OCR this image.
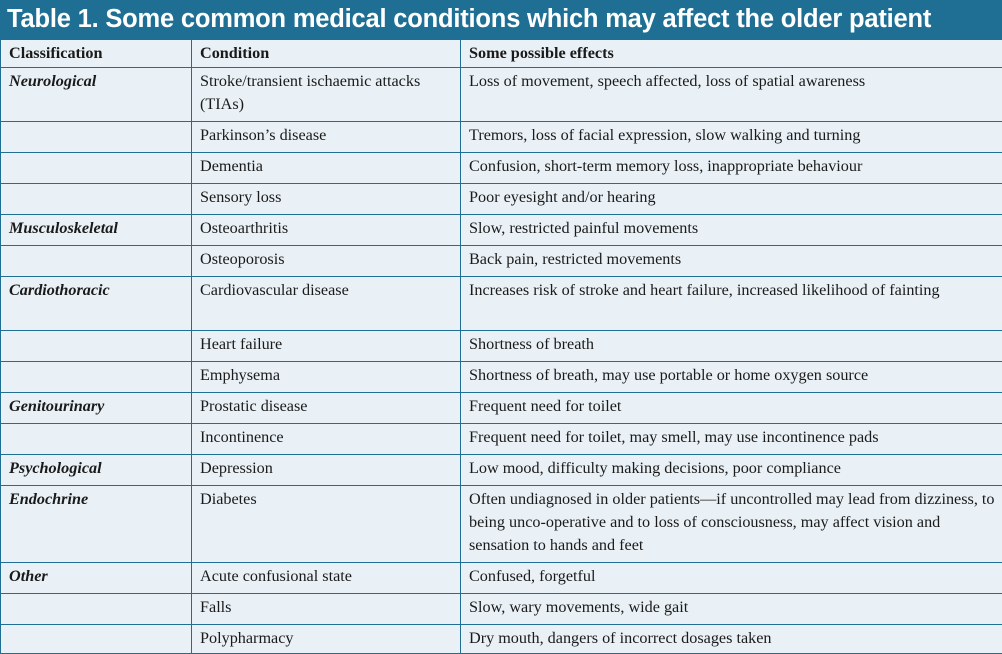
Table 1. Some common medical conditions which may affect the older patient
Classification	Condition	Some possible effects
Neurological	Stroke/transient ischaemic attacks (TIAs)	Loss of movement, speech affected, loss of spatial awareness
	Parkinson’s disease	Tremors, loss of facial expression, slow walking and turning
	Dementia	Confusion, short-term memory loss, inappropriate behaviour
	Sensory loss	Poor eyesight and/or hearing
Musculoskeletal	Osteoarthritis	Slow, restricted painful movements
	Osteoporosis	Back pain, restricted movements
Cardiothoracic	Cardiovascular disease	Increases risk of stroke and heart failure, increased likelihood of fainting
	Heart failure	Shortness of breath
	Emphysema	Shortness of breath, may use portable or home oxygen source
Genitourinary	Prostatic disease	Frequent need for toilet
	Incontinence	Frequent need for toilet, may smell, may use incontinence pads
Psychological	Depression	Low mood, difficulty making decisions, poor compliance
Endochrine	Diabetes	Often undiagnosed in older patients—if uncontrolled may lead from dizziness, to being unco-operative and to loss of consciousness, may affect vision and sensation to hands and feet
Other	Acute confusional state	Confused, forgetful
	Falls	Slow, wary movements, wide gait
	Polypharmacy	Dry mouth, dangers of incorrect dosages taken
